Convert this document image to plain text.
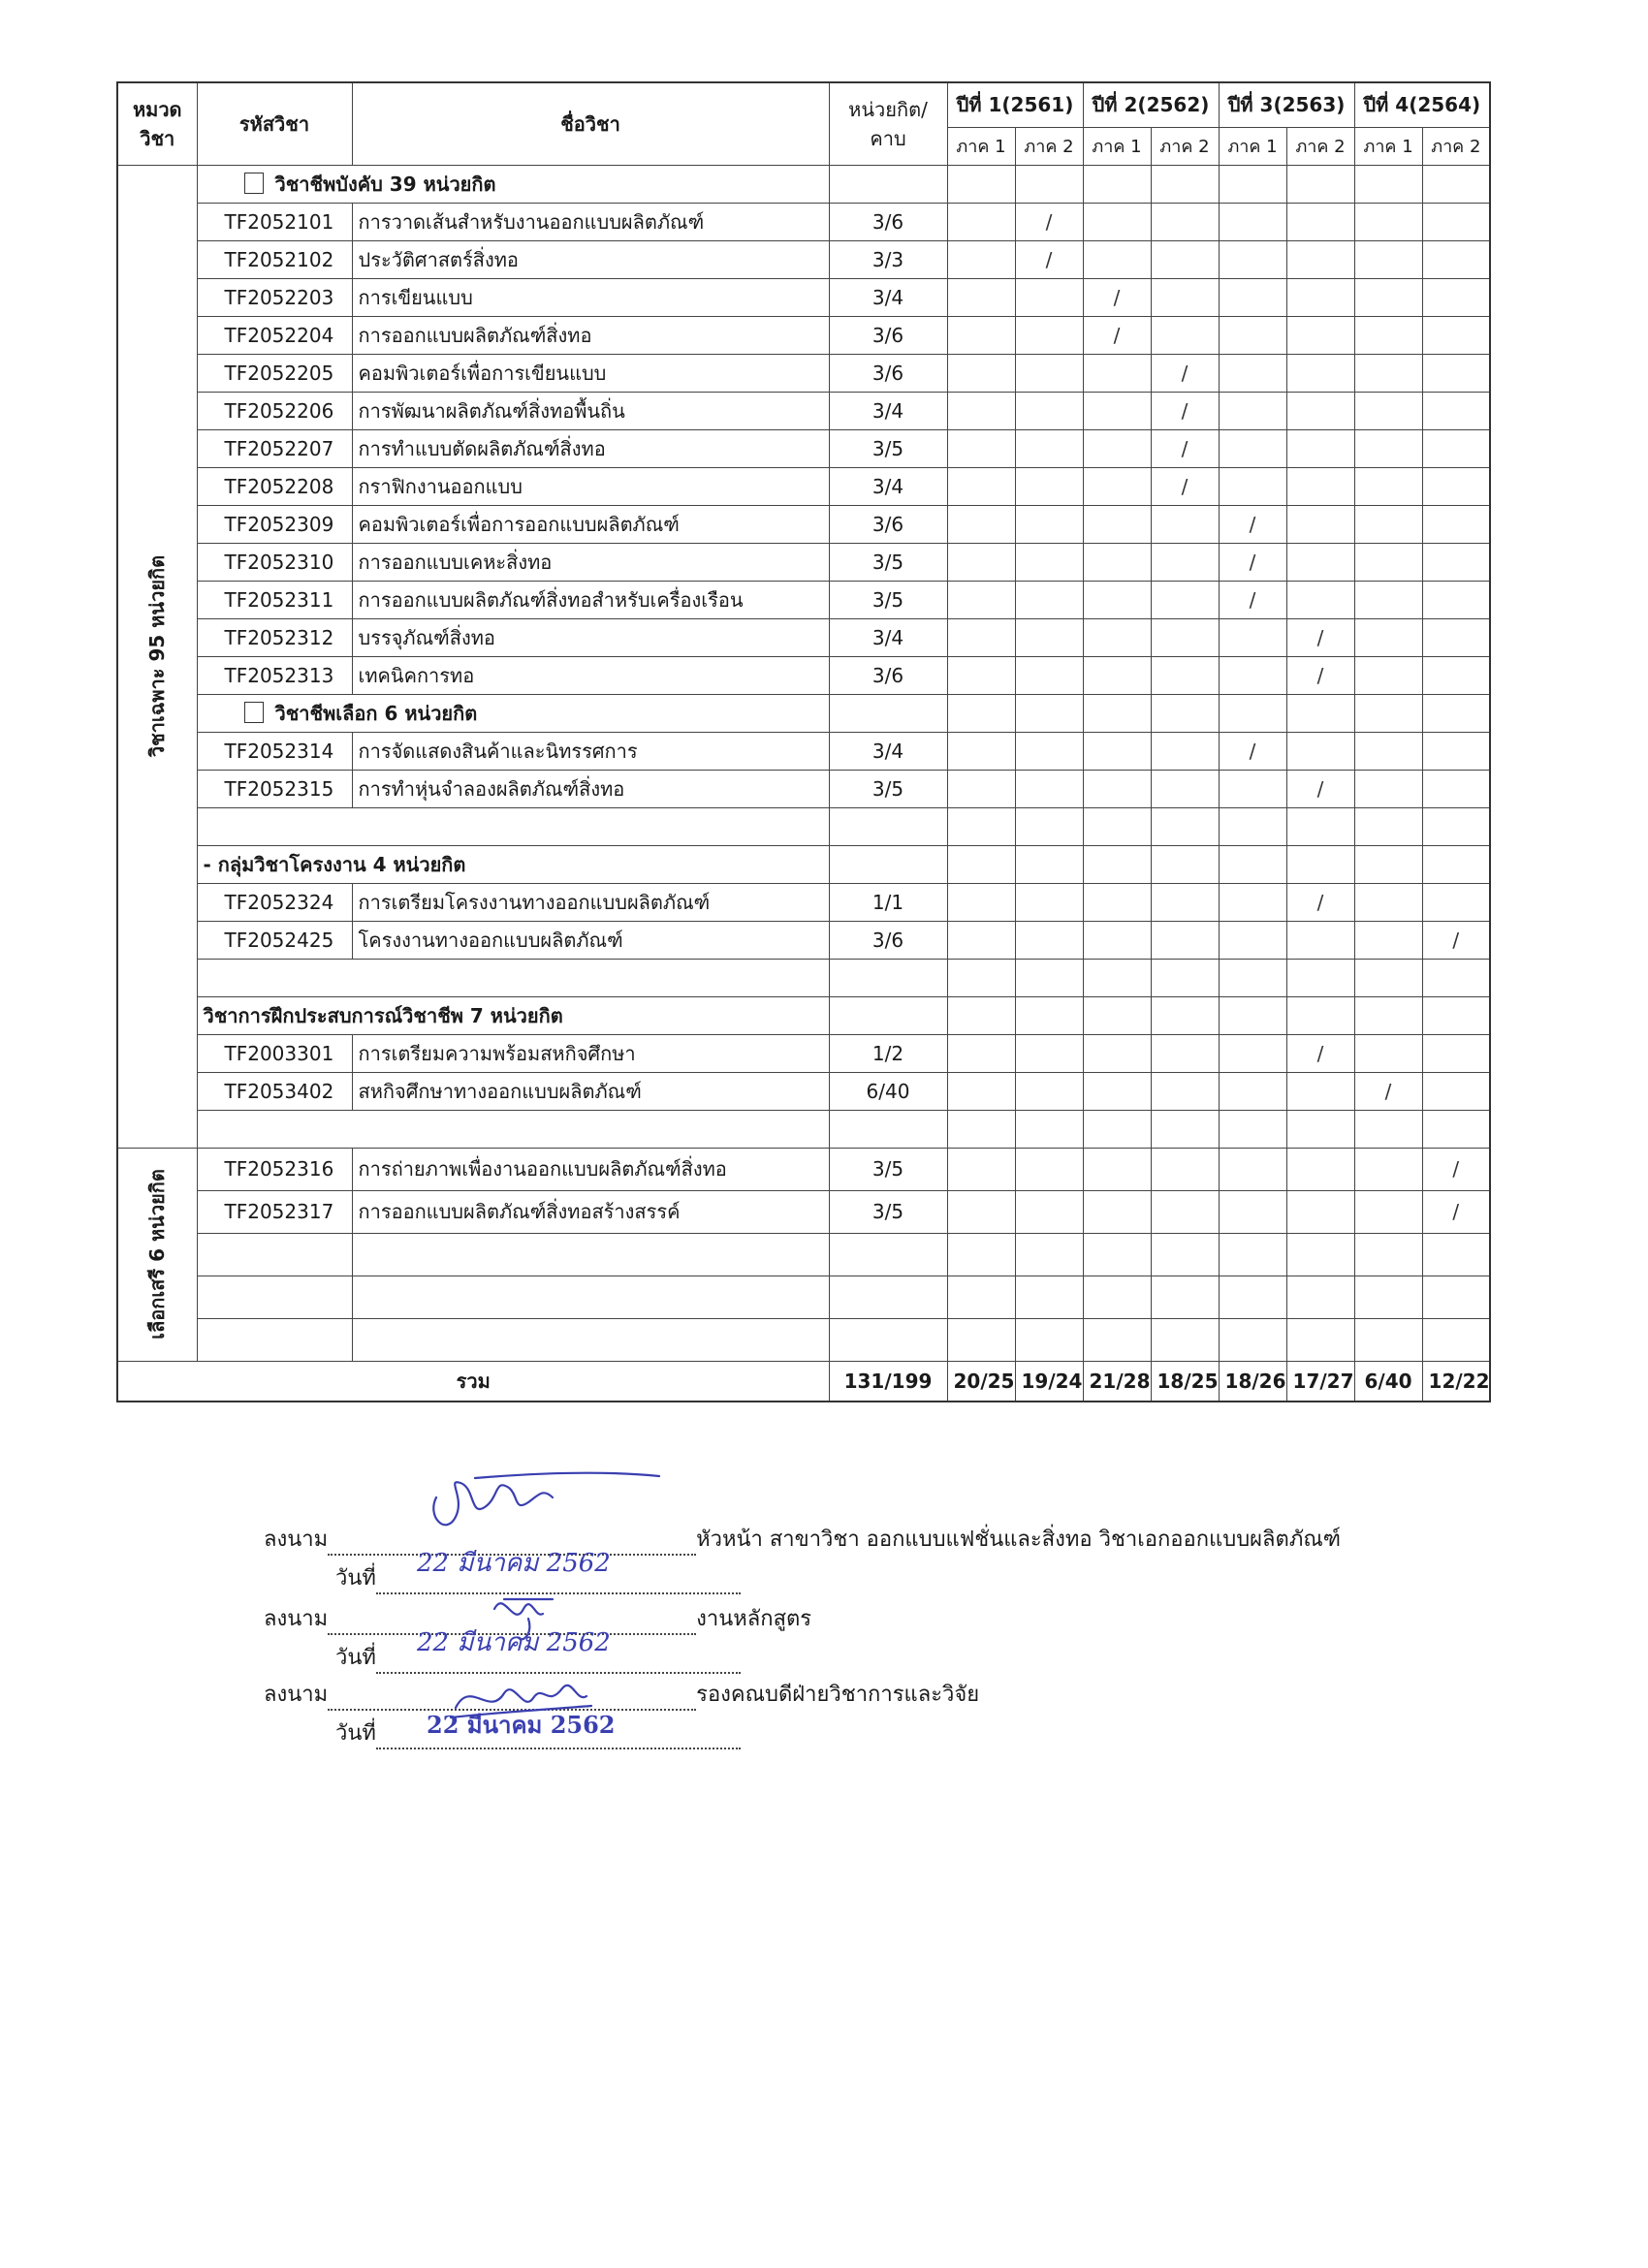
หมวด วิชา	รหัสวิชา	ชื่อวิชา	หน่วยกิต/ คาบ	ปีที่ 1(2561)		ปีที่ 2(2562)		ปีที่ 3(2563)		ปีที่ 4(2564)	
				ภาค 1	ภาค 2	ภาค 1	ภาค 2	ภาค 1	ภาค 2	ภาค 1	ภาค 2

วิชาเฉพาะ 95 หน่วยกิต	วิชาชีพบังคับ 39 หน่วยกิต										
	TF2052101	การวาดเส้นสำหรับงานออกแบบผลิตภัณฑ์	3/6		/						
	TF2052102	ประวัติศาสตร์สิ่งทอ	3/3		/						
	TF2052203	การเขียนแบบ	3/4			/					
	TF2052204	การออกแบบผลิตภัณฑ์สิ่งทอ	3/6			/					
	TF2052205	คอมพิวเตอร์เพื่อการเขียนแบบ	3/6				/				
	TF2052206	การพัฒนาผลิตภัณฑ์สิ่งทอพื้นถิ่น	3/4				/				
	TF2052207	การทำแบบตัดผลิตภัณฑ์สิ่งทอ	3/5				/				
	TF2052208	กราฟิกงานออกแบบ	3/4				/				
	TF2052309	คอมพิวเตอร์เพื่อการออกแบบผลิตภัณฑ์	3/6					/			
	TF2052310	การออกแบบเคหะสิ่งทอ	3/5					/			
	TF2052311	การออกแบบผลิตภัณฑ์สิ่งทอสำหรับเครื่องเรือน	3/5					/			
	TF2052312	บรรจุภัณฑ์สิ่งทอ	3/4						/		
	TF2052313	เทคนิคการทอ	3/6						/		
	วิชาชีพเลือก 6 หน่วยกิต										
	TF2052314	การจัดแสดงสินค้าและนิทรรศการ	3/4					/			
	TF2052315	การทำหุ่นจำลองผลิตภัณฑ์สิ่งทอ	3/5						/		

	- กลุ่มวิชาโครงงาน 4 หน่วยกิต										
	TF2052324	การเตรียมโครงงานทางออกแบบผลิตภัณฑ์	1/1						/		
	TF2052425	โครงงานทางออกแบบผลิตภัณฑ์	3/6								/

	วิชาการฝึกประสบการณ์วิชาชีพ 7 หน่วยกิต										
	TF2003301	การเตรียมความพร้อมสหกิจศึกษา	1/2						/		
	TF2053402	สหกิจศึกษาทางออกแบบผลิตภัณฑ์	6/40							/	

เลือกเสรี 6 หน่วยกิต	TF2052316	การถ่ายภาพเพื่องานออกแบบผลิตภัณฑ์สิ่งทอ	3/5								/
	TF2052317	การออกแบบผลิตภัณฑ์สิ่งทอสร้างสรรค์	3/5								/

รวม			131/199	20/25	19/24	21/28	18/25	18/26	17/27	6/40	12/22
ลงนาม	หัวหน้า สาขาวิชา ออกแบบแฟชั่นและสิ่งทอ วิชาเอกออกแบบผลิตภัณฑ์
วันที่
22 มีนาคม 2562
ลงนาม	งานหลักสูตร
วันที่
22 มีนาคม 2562
ลงนาม	รองคณบดีฝ่ายวิชาการและวิจัย
วันที่	22 มีนาคม 2562
